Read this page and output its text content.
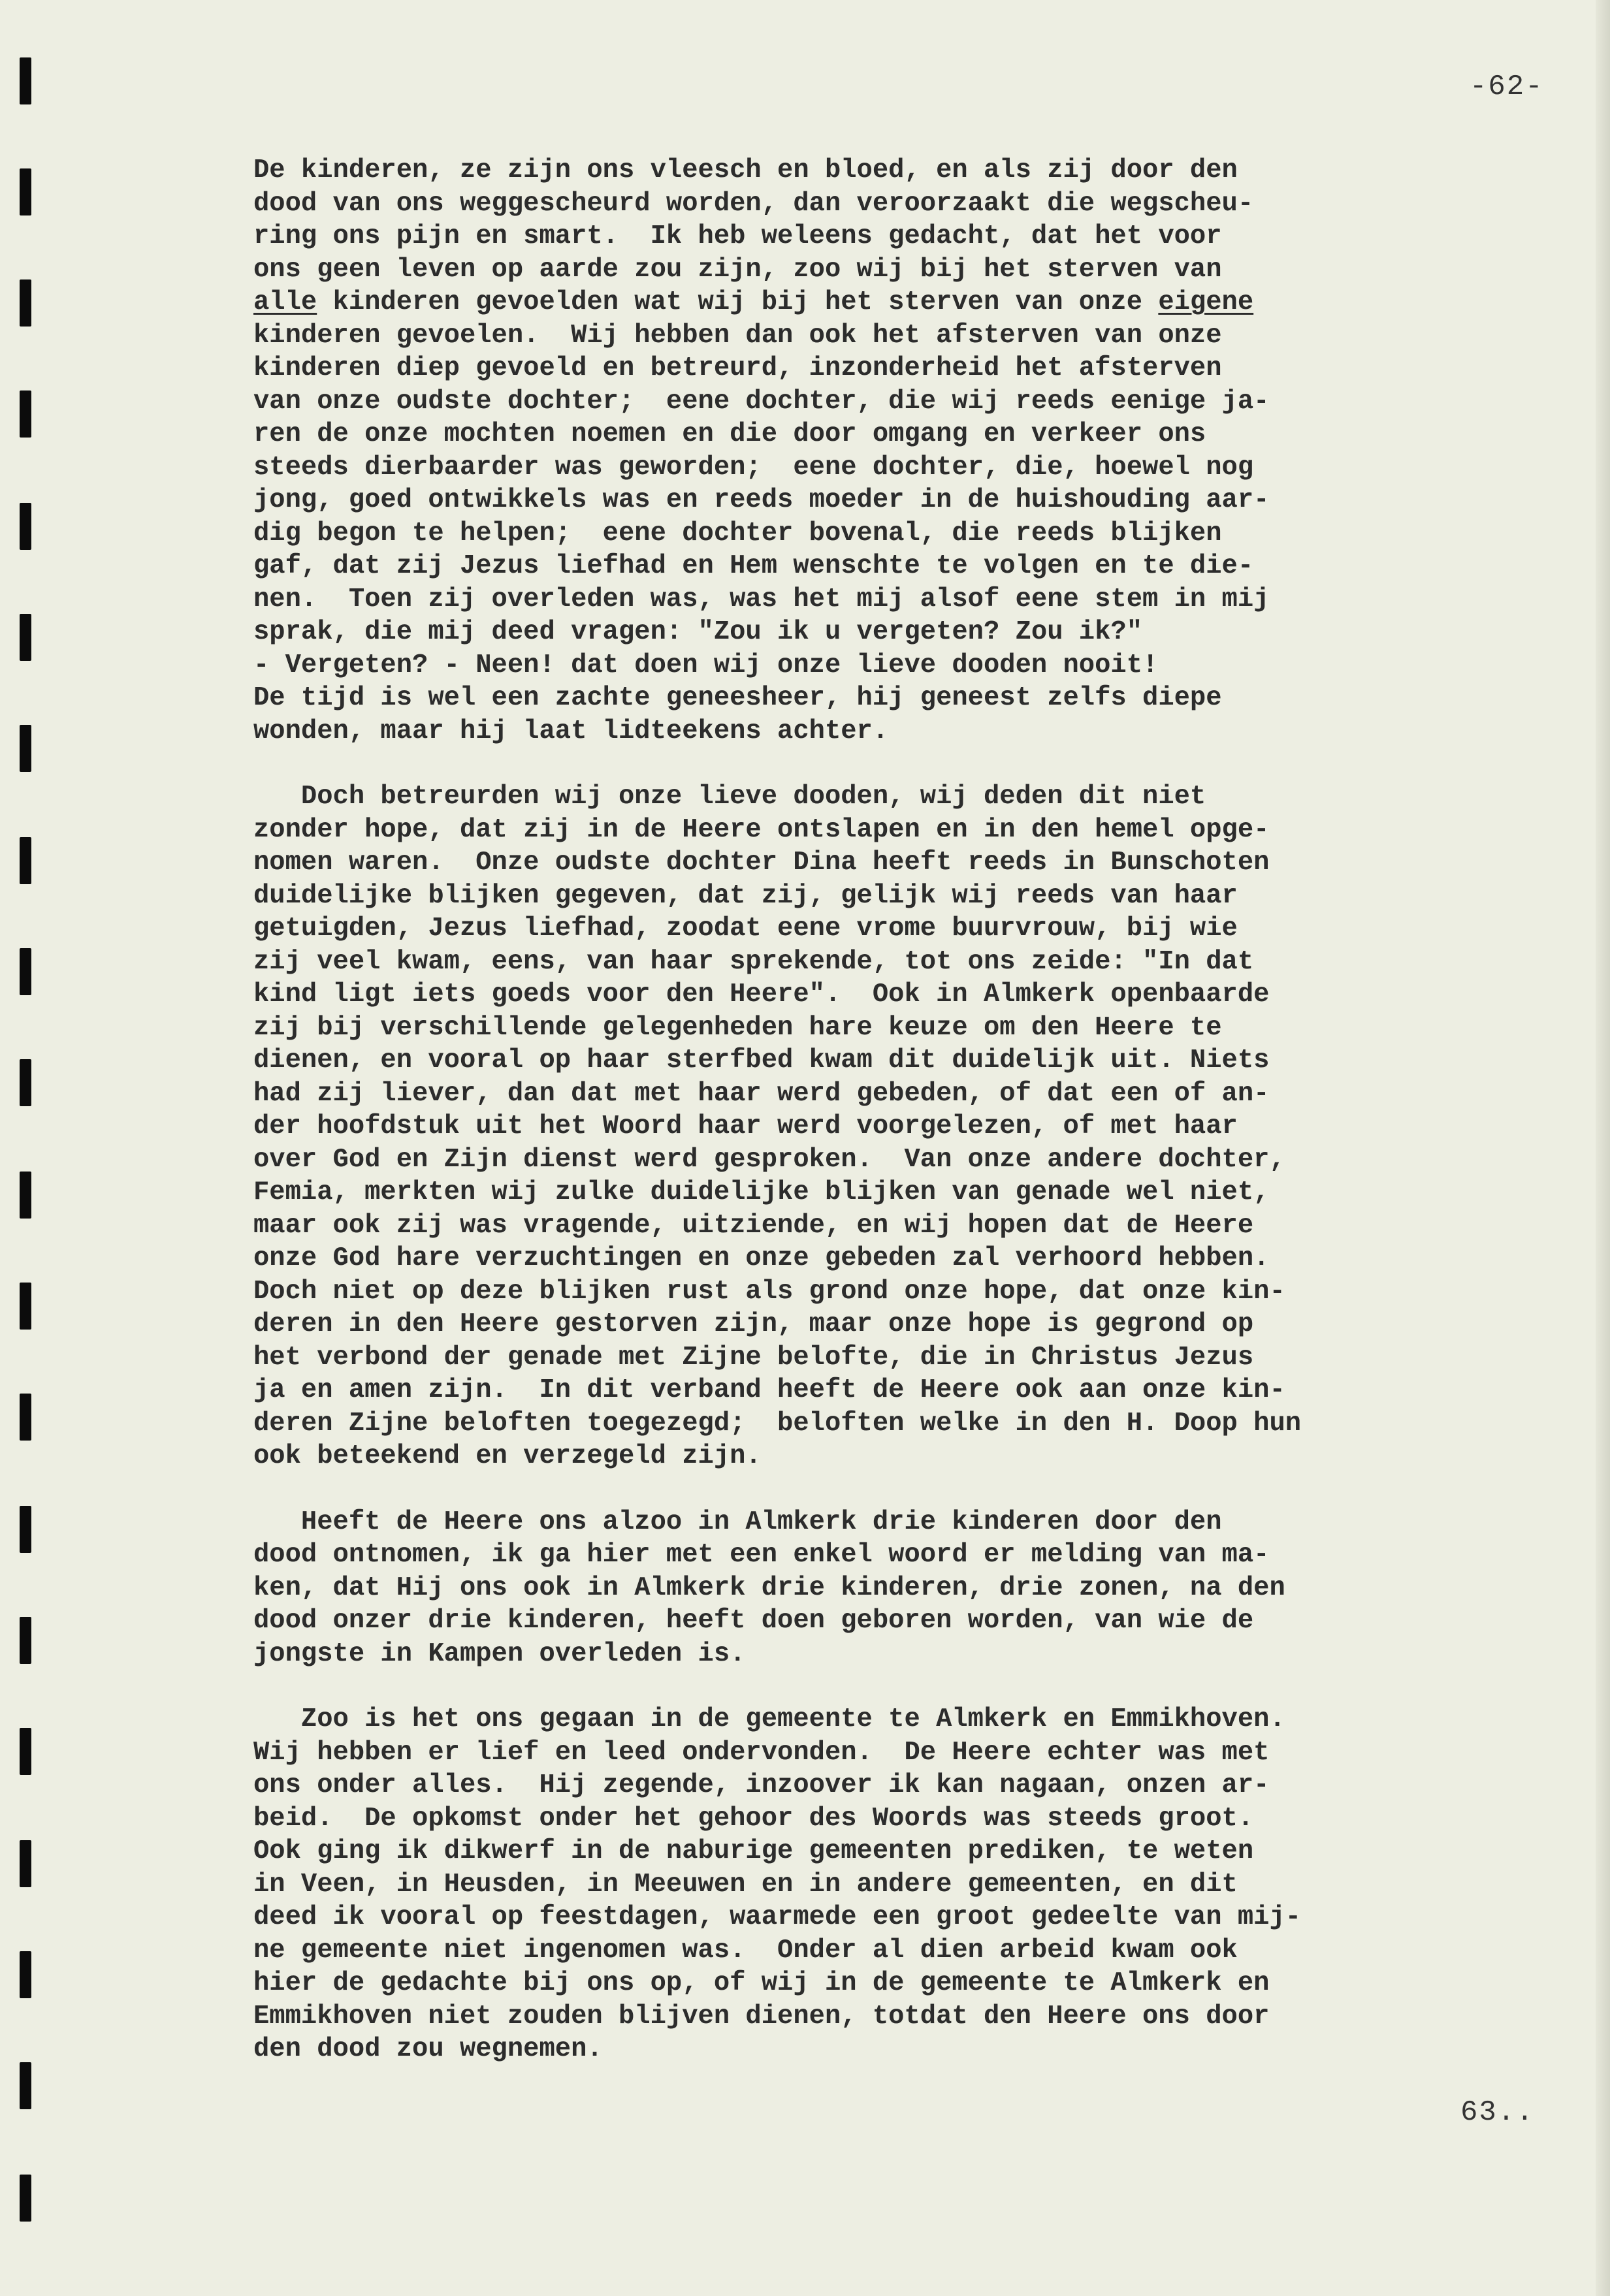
-62-
De kinderen, ze zijn ons vleesch en bloed, en als zij door den
dood van ons weggescheurd worden, dan veroorzaakt die wegscheu-
ring ons pijn en smart.  Ik heb weleens gedacht, dat het voor
ons geen leven op aarde zou zijn, zoo wij bij het sterven van
alle kinderen gevoelden wat wij bij het sterven van onze eigene
kinderen gevoelen.  Wij hebben dan ook het afsterven van onze
kinderen diep gevoeld en betreurd, inzonderheid het afsterven
van onze oudste dochter;  eene dochter, die wij reeds eenige ja-
ren de onze mochten noemen en die door omgang en verkeer ons
steeds dierbaarder was geworden;  eene dochter, die, hoewel nog
jong, goed ontwikkels was en reeds moeder in de huishouding aar-
dig begon te helpen;  eene dochter bovenal, die reeds blijken
gaf, dat zij Jezus liefhad en Hem wenschte te volgen en te die-
nen.  Toen zij overleden was, was het mij alsof eene stem in mij
sprak, die mij deed vragen: "Zou ik u vergeten? Zou ik?"
- Vergeten? - Neen! dat doen wij onze lieve dooden nooit!
De tijd is wel een zachte geneesheer, hij geneest zelfs diepe
wonden, maar hij laat lidteekens achter.
Doch betreurden wij onze lieve dooden, wij deden dit niet
zonder hope, dat zij in de Heere ontslapen en in den hemel opge-
nomen waren.  Onze oudste dochter Dina heeft reeds in Bunschoten
duidelijke blijken gegeven, dat zij, gelijk wij reeds van haar
getuigden, Jezus liefhad, zoodat eene vrome buurvrouw, bij wie
zij veel kwam, eens, van haar sprekende, tot ons zeide: "In dat
kind ligt iets goeds voor den Heere".  Ook in Almkerk openbaarde
zij bij verschillende gelegenheden hare keuze om den Heere te
dienen, en vooral op haar sterfbed kwam dit duidelijk uit. Niets
had zij liever, dan dat met haar werd gebeden, of dat een of an-
der hoofdstuk uit het Woord haar werd voorgelezen, of met haar
over God en Zijn dienst werd gesproken.  Van onze andere dochter,
Femia, merkten wij zulke duidelijke blijken van genade wel niet,
maar ook zij was vragende, uitziende, en wij hopen dat de Heere
onze God hare verzuchtingen en onze gebeden zal verhoord hebben.
Doch niet op deze blijken rust als grond onze hope, dat onze kin-
deren in den Heere gestorven zijn, maar onze hope is gegrond op
het verbond der genade met Zijne belofte, die in Christus Jezus
ja en amen zijn.  In dit verband heeft de Heere ook aan onze kin-
deren Zijne beloften toegezegd;  beloften welke in den H. Doop hun
ook beteekend en verzegeld zijn.
Heeft de Heere ons alzoo in Almkerk drie kinderen door den
dood ontnomen, ik ga hier met een enkel woord er melding van ma-
ken, dat Hij ons ook in Almkerk drie kinderen, drie zonen, na den
dood onzer drie kinderen, heeft doen geboren worden, van wie de
jongste in Kampen overleden is.
Zoo is het ons gegaan in de gemeente te Almkerk en Emmikhoven.
Wij hebben er lief en leed ondervonden.  De Heere echter was met
ons onder alles.  Hij zegende, inzoover ik kan nagaan, onzen ar-
beid.  De opkomst onder het gehoor des Woords was steeds groot.
Ook ging ik dikwerf in de naburige gemeenten prediken, te weten
in Veen, in Heusden, in Meeuwen en in andere gemeenten, en dit
deed ik vooral op feestdagen, waarmede een groot gedeelte van mij-
ne gemeente niet ingenomen was.  Onder al dien arbeid kwam ook
hier de gedachte bij ons op, of wij in de gemeente te Almkerk en
Emmikhoven niet zouden blijven dienen, totdat den Heere ons door
den dood zou wegnemen.
63..
